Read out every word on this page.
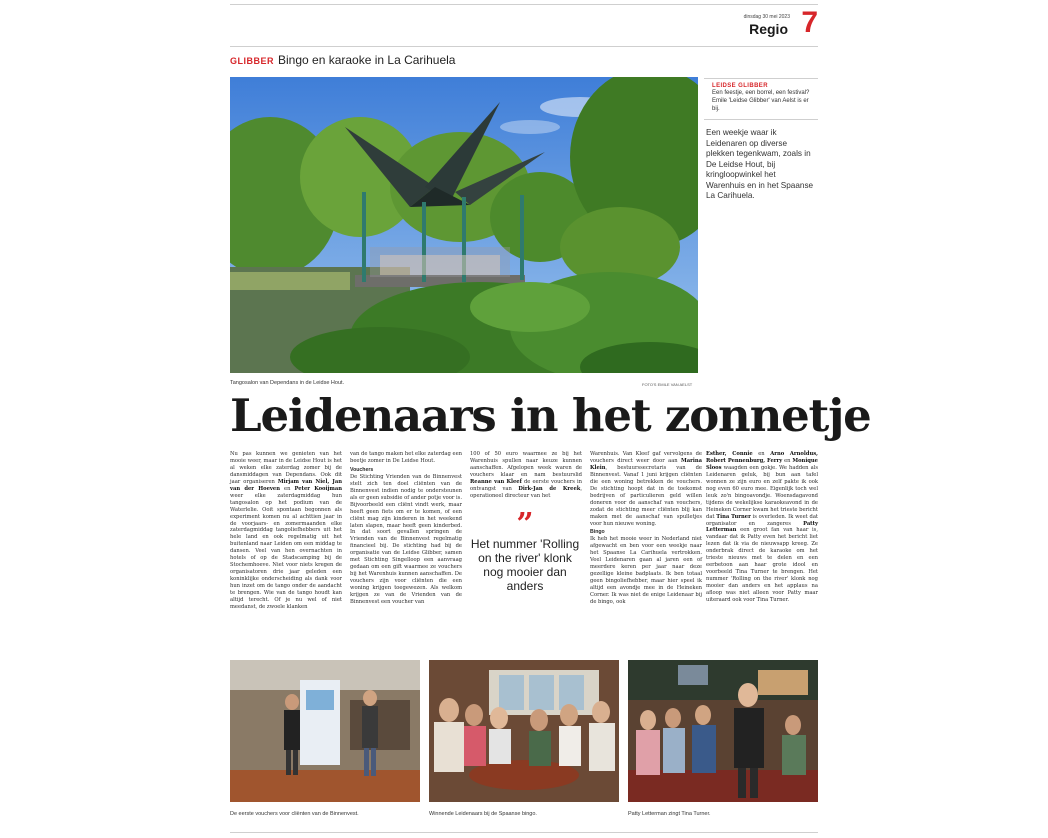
dinsdag 30 mei 2023
Regio 7
GLIBBER Bingo en karaoke in La Carihuela
Tangosalon van Dependans in de Leidse Hout.	FOTO'S EMILE VAN AELST
LEIDSE GLIBBER
Een feestje, een borrel, een festival? Emile 'Leidse Glibber' van Aelst is er bij.
Een weekje waar ik Leidenaren op diverse plekken tegenkwam, zoals in De Leidse Hout, bij kringloopwinkel het Warenhuis en in het Spaanse La Carihuela.
Leidenaars in het zonnetje
Nu pas kunnen we genieten van het mooie weer, maar in de Leidse Hout is het al weken elke zaterdag zomer bij de dansmiddagen van Dependans. Ook dit jaar organiseren Mirjam van Niel, Jan van der Hoeven en Peter Kooijman weer elke zaterdagmiddag hun tangosalon op het podium van de Waterlelie. Ooit spontaan begonnen als experiment komen nu al achttien jaar in de voorjaars- en zomermaanden elke zaterdagmiddag tangoliefhebbers uit het hele land en ook regelmatig uit het buitenland naar Leiden om een middag te dansen. Veel van hen overnachten in hotels of op de Stadscamping bij de Stochemhoeve. Niet voor niets kregen de organisatoren drie jaar geleden een koninklijke onderscheiding als dank voor hun inzet om de tango onder de aandacht te brengen. Wie van de tango houdt kan altijd terecht. Of je nu wel of niet meedanst, de zwoele klanken
van de tango maken het elke zaterdag een beetje zomer in De Leidse Hout.
Vouchers
De Stichting Vrienden van de Binnenvest stelt zich ten doel cliënten van de Binnenvest indien nodig te ondersteunen als er geen subsidie of ander potje voor is. Bijvoorbeeld een cliënt vindt werk, maar heeft geen fiets om er te komen, of een cliënt mag zijn kinderen in het weekend laten slapen, maar heeft geen kinderbed. In dat soort gevallen springen de Vrienden van de Binnenvest regelmatig financieel bij. De stichting had bij de organisatie van de Leidse Glibber, samen met Stichting Singelloop een aanvraag gedaan om een gift waarmee ze vouchers bij het Warenhuis kunnen aanschaffen. De vouchers zijn voor cliënten die een woning krijgen toegewezen. Als welkom krijgen ze van de Vrienden van de Binnenvest een voucher van
100 of 50 euro waarmee ze bij het Warenhuis spullen naar keuze kunnen aanschaffen. Afgelopen week waren de vouchers klaar en nam bestuurslid Reanne van Kleef de eerste vouchers in ontvangst van Dirk-Jan de Kreek, operationeel directeur van het
”
Het nummer 'Rolling on the river' klonk nog mooier dan anders
Warenhuis. Van Kleef gaf vervolgens de vouchers direct weer door aan Marina Klein, bestuurssecretaris van de Binnenvest. Vanaf 1 juni krijgen cliënten die een woning betrekken de vouchers. De stichting hoopt dat in de toekomst bedrijven of particulieren geld willen doneren voor de aanschaf van vouchers, zodat de stichting meer cliënten blij kan maken met de aanschaf van spulletjes voor hun nieuwe woning.
Bingo
Ik heb het mooie weer in Nederland niet afgewacht en ben voor een weekje naar het Spaanse La Carihuela vertrokken. Veel Leidenaren gaan al jaren een of meerdere keren per jaar naar deze gezellige kleine badplaats. Ik ben totaal geen bingoliefhebber, maar hier speel ik altijd een avondje mee in de Heineken Corner. Ik was niet de enige Leidenaar bij de bingo, ook
Esther, Connie en Arno Arnoldus, Robert Pennenburg, Ferry en Monique Sloos waagden een gokje. We hadden als Leidenaren geluk, bij bun aan tafel wonnen ze zijn euro en zelf pakte ik ook nog even 60 euro mee. Eigenlijk toch wel leuk zo'n bingoavondje. Woensdagavond tijdens de wekelijkse karaokeavond in de Heineken Corner kwam het trieste bericht dat Tina Turner is overleden. Ik weet dat organisator en zangeres Patty Letterman een groot fan van haar is, vandaar dat ik Patty even het bericht liet lezen dat ik via de nieuwsapp kreeg. Ze onderbrak direct de karaoke om het trieste nieuws met te delen en een eerbetoon aan haar grote idool en voorbeeld Tina Turner te brengen. Het nummer 'Rolling on the river' klonk nog mooier dan anders en het applaus na afloop was niet alleen voor Patty maar uiteraard ook voor Tina Turner.
De eerste vouchers voor cliënten van de Binnenvest.	Winnende Leidenaars bij de Spaanse bingo.	Patty Letterman zingt Tina Turner.
